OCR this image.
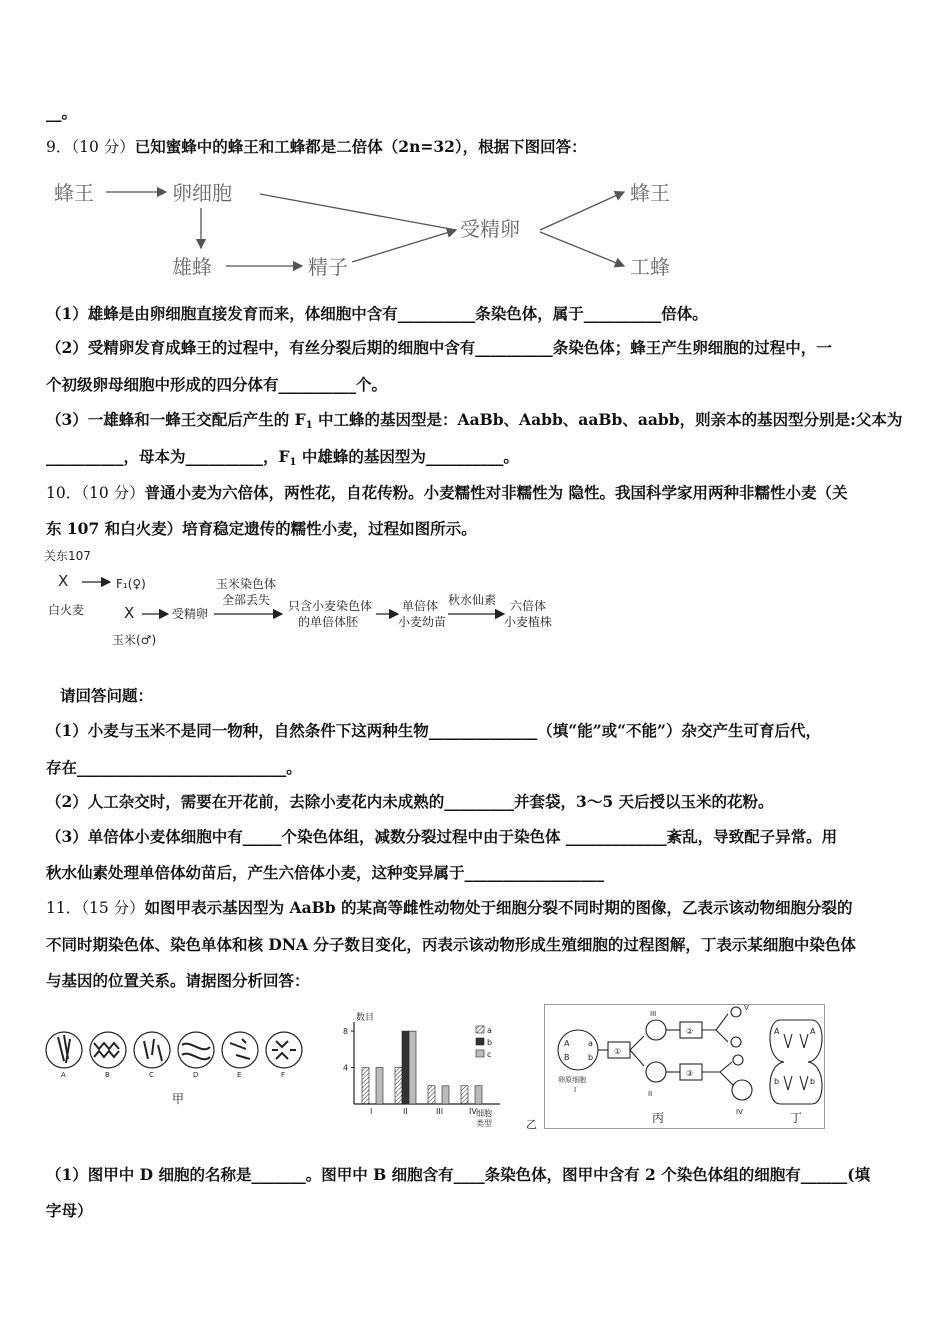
__。
9．（10 分）已知蜜蜂中的蜂王和工蜂都是二倍体（2n=32），根据下图回答：
蜂王	卵细胞
雄蜂	精子
受精卵
蜂王
工蜂
（1）雄蜂是由卵细胞直接发育而来，体细胞中含有__________条染色体，属于__________倍体。
（2）受精卵发育成蜂王的过程中，有丝分裂后期的细胞中含有__________条染色体；蜂王产生卵细胞的过程中，一
个初级卵母细胞中形成的四分体有__________个。
（3）一雄蜂和一蜂王交配后产生的 $F_1$ 中工蜂的基因型是：AaBb、Aabb、aaBb、aabb，则亲本的基因型分别是:父本为
__________，母本为__________，$F_1$ 中雄蜂的基因型为__________。
10．（10 分）普通小麦为六倍体，两性花，自花传粉。小麦糯性对非糯性为 隐性。我国科学家用两种非糯性小麦（关
东 107 和白火麦）培育稳定遗传的糯性小麦，过程如图所示。
关东107
X	F₁(♀)
白火麦	X	受精卵
玉米(♂)
玉米染色体
全部丢失 只含小麦染色体
的单倍体胚
单倍体
小麦幼苗
秋水仙素 六倍体
小麦植株
请回答问题：
（1）小麦与玉米不是同一物种，自然条件下这两种生物______________（填“能”或“不能”）杂交产生可育后代，
存在___________________________。
（2）人工杂交时，需要在开花前，去除小麦花内未成熟的_________并套袋，3～5 天后授以玉米的花粉。
（3）单倍体小麦体细胞中有_____个染色体组，减数分裂过程中由于染色体 _____________紊乱，导致配子异常。用
秋水仙素处理单倍体幼苗后，产生六倍体小麦，这种变异属于__________________
11．（15 分）如图甲表示基因型为 AaBb 的某高等雌性动物处于细胞分裂不同时期的图像，乙表示该动物细胞分裂的
不同时期染色体、染色单体和核 DNA 分子数目变化，丙表示该动物形成生殖细胞的过程图解，丁表示某细胞中染色体
与基因的位置关系。请据图分析回答：
A	B	C	D	E	F
甲
数目
细胞
类型	乙
4
8
I	II	III	IV
a
b
c
A a
B b
卵原细胞
I
①
②
③
II
III
IV
V
丙
A	A
b	b
丁
（1）图甲中 D 细胞的名称是_______。图甲中 B 细胞含有____条染色体，图甲中含有 2 个染色体组的细胞有______(填
字母）
